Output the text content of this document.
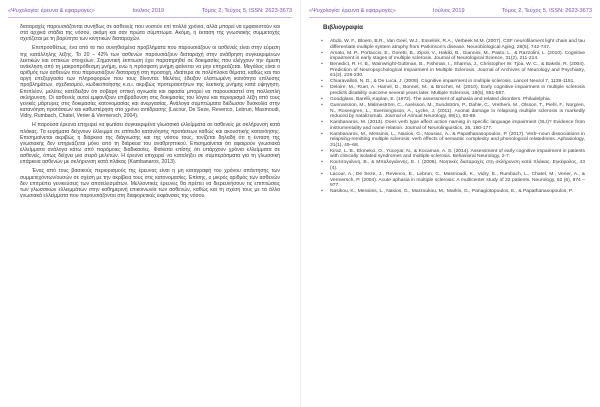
«Ψυχολογία: έρευνα & εφαρμογές»	Ιούλιος 2019	Τόμος 2, Τεύχος 5, ISSN: 2623-3673

διαταραχές παρουσιάζονται συνήθως σε ασθενείς που νοσούν επί πολλά χρόνια, αλλά μπορεί να εμφανιστούν και στα αρχικά στάδια της νόσου, ακόμη και σαν πρώτα σύμπτωμα. Ακόμη, η έκταση της γνωσιακής συμμετοχής σχετίζεται με τη βαρύτητα των κινητικών διαταραχών.

Επιπροσθέτως, ένα από τα πιο συνηθισμένα προβλήματα που παρουσιάζουν οι ασθενείς είναι στην εύρεση της κατάλληλης λέξης. Το 20 – 42% των ασθενών παρουσιάζουν διαταραχή στην ανάθρηση συγκεκριμένων λεκτικών και οπτικών στοιχείων. Σημαντική έκπτωση έχει παρατηρηθεί σε δοκιμασίες που ελέγχουν την άμεση ανάκληση από τη μακροπρόθεσμη μνήμη, ενώ η πρόσφατη μνήμη φαίνεται να μην επηρεάζεται. Μεγάλος είναι ο αριθμός των ασθενών που παρουσιάζουν διαταραχή στη προσοχή, ιδιαίτερα σε πολύπλοκα θέματα, καθώς και πιο αργή επεξεργασία των πληροφοριών που τους δίνονται. Μελέτες έδειξαν ελαττωμένη ικανότητα επίλυσης προβλημάτων, σχεδιασμού, κωδικοποίησης κ.α.ι. ακριβώς προτεραιοτήτων της λεκτικής μνήμης κατά υψηγηση. Επιπλέον, μελέτες κατέδειξαν ότι σοβαρή οπτική αγνωσία και αφασία μπορεί να παρουσιαστεί στη πολλαπλή σκλήρυνση. Οι ασθενείς αυτοί εμφανίζουν επιβράδυνση στις δοκιμασίες του λόγου και περιορισμό λέξη από τους γενικές μάρτυρες στις δοκιμασίες κατονομασίας και ανεργασίας. Ανάλογα συμπτώματα διέδωσαν δυσκολία στην κατανόηση προτάσεων και καθυστέρηση στο χρόνο αντίδρασης (Lacour, De Seze, Revenco, Lebrun, Masmoudi, Vidry, Rumbach, Chatel, Verier & Vermersch, 2004).

Η παρούσα έρευνα επιχειρεί να φωτίσει συγκεκριμένα γλωσσικά ελλείμματα σε ασθενείς με σκλήρυνση κατά πλάκας. Τα ευρήματα δείχνουν έλλειμμα σε επίπεδο κατανόησης προτάσεων καθώς και ακουστικής κατανόησης. Επισημαίνεται ακριβώς η διάρκεια της διάγνωσης και της νόσου τους, τονίζεται δηλαδή ότι η ένταση της γνωσιακής δεν επηρεάζεται μόνο από τη διάρκεια του αναθρηπτικού. Επισημαίνεται ότι αφαιρούν γνωσιακά ελλείμματα ανάλογα κάτω από παρόμοιες διαδικασίες. Φαίνεται επίσης ότι υπάρχουν χρόνια ελλείμματα σε ασθενείς, όπως δείχνει μια σειρά μελετών. Η έρευνα επιχειρεί να καταλήξει σε συμπεράσματα για τη γλωσσική επάρκεια ασθενών με σκλήρυνση κατά πλάκας (Kambanaros, 2013).

Ένας από τους βασικούς περιορισμούς της έρευνας είναι η μη καταγραφή του χρόνου απάντησης των συμμετεχόντων/ουσών σε σχέση με την ακρίβεια τους στις κατονομασίες. Επίσης, ο μικρός αριθμός των ασθενών δεν επιτρέπει γενικεύσεις των αποτελεσμάτων. Μελλοντικές έρευνες θα πρέπει να διερευνήσουν τις επιπτώσεις των γλωσσικών ελλειμμάτων στην καθημερινή επικοινωνία των ασθενών, καθώς και τη σχέση τους με τα άλλα γνωσιακά ελλείμματα που παρουσιάζονται στη διαφορετικές εκφάνσεις της νόσου.

«Ψυχολογία: έρευνα & εφαρμογές»	Ιούλιος 2019	Τόμος 2, Τεύχος 5, ISSN: 2623-3673
Βιβλιογραφία
▪ Abdo, W. F., Bloem, B.R., Van Geel, W.J., Esselink, R.A., Verbeek M.M. (2007). CSF neurofilament light chain and tau differentiate multiple system atrophy from Parkinson's disease. Neurobiological Aging, 28(5), 742-747.
▪ Amato, M. P., Portaccio, E., Goretti, B., Zipoli, V., Hakiki, B., Giannini, M., Pasto, L., & Razzolini, L. (2010). Cognitive impairment in early stages of multiple sclerosis. Journal of Neurological Science, 31(2), 211-214.
▪ Benedict, R. H. B., Wainwright-Guttman, B., Fishman, I., Sharma, J., Christopher W. Tjoa, W. C., & Bakshi, R. (2004). Prediction of Neuropsychological Impairment in Multiple Sclerosis. Journal of Archives of Neurology and Psychiatry, 61(2), 226-230.
▪ Chiaravalloti, N. D., & De Luca, J. (2008). Cognitive impairment in multiple sclerosis. Lancet Neurol 7, 1139-1151.
▪ Deloire, M., Ruet, A. Hamel, D., Bonnet, M., & Brochet, M. (2010). Early cognitive impairment in multiple sclerosis predicts disability outcome several years later. Multiple Sclerosis, 16(5), 581-587.
▪ Goodglass, Barelli, Kaplan, E. (1972). The assessment of aphasia and related disorders. Philadelphia.
▪ Gunnarsson, M., Malmeström, C., Axelsson, M., Sundström, P., Dahle, C., Vrethem, M., Olsson, T., Piehl, F., Norgren, N., Rosengren, L., Svenningsson, A., Lycke, J. (2011). Axonal damage in relapsing multiple sclerosis is markedly reduced by natalizumab. Journal of Annual Neurology, 69(1), 83-89.
▪ Kambanaros, M. (2013). Does verb type affect action naming in specific language impairment (SLI)? Evidence from instrumentality and name relation. Journal of Neurolinguistics, 26, 160-177.
▪ Kambanaros, M., Messinis, L., Nasios, G., Nousiac, A., & Papathanasopoulos, P. (2017). Verb–noun dissociations in relapsing-remitting multiple sclerosis: verb effects of semantic complexity and phonological relatedness. Aphasiology, 31(1), 49–68.
▪ Kiraz, L. B., Ekmekci, O., Yuceyar, N., & Kocaman, A. S. (2014). Assessment of early cognitive impairment in patients with clinically isolated syndromes and multiple sclerosis. Behavioral Neurology, 2-7.
▪ Κουτσογιάννη, Β., & Μπαλογιάννης, Ε. Ι. (2006). Νοητικές διαταραχές στη σκλήρυνση κατά πλάκας. Εγκέφαλος, 43 (4).
▪ Lacour, A., De Seze, J., Revenco, E., Lebrun, C., Masmoudi, K., Vidry, E., Rumbach, L., Chatel, M., Verier, A., & Vermersch, P. (2004). Acute aphasia in multiple sclerosis: A multicenter study of 22 patients. Neurology, 62 (6), 974 – 977.
▪ Nasikou, K., Messinis, L., Nasios, G., Marzoukou, M., Markis, G., Panagiotopoulos, E., & Papathanasopoulos, P.
